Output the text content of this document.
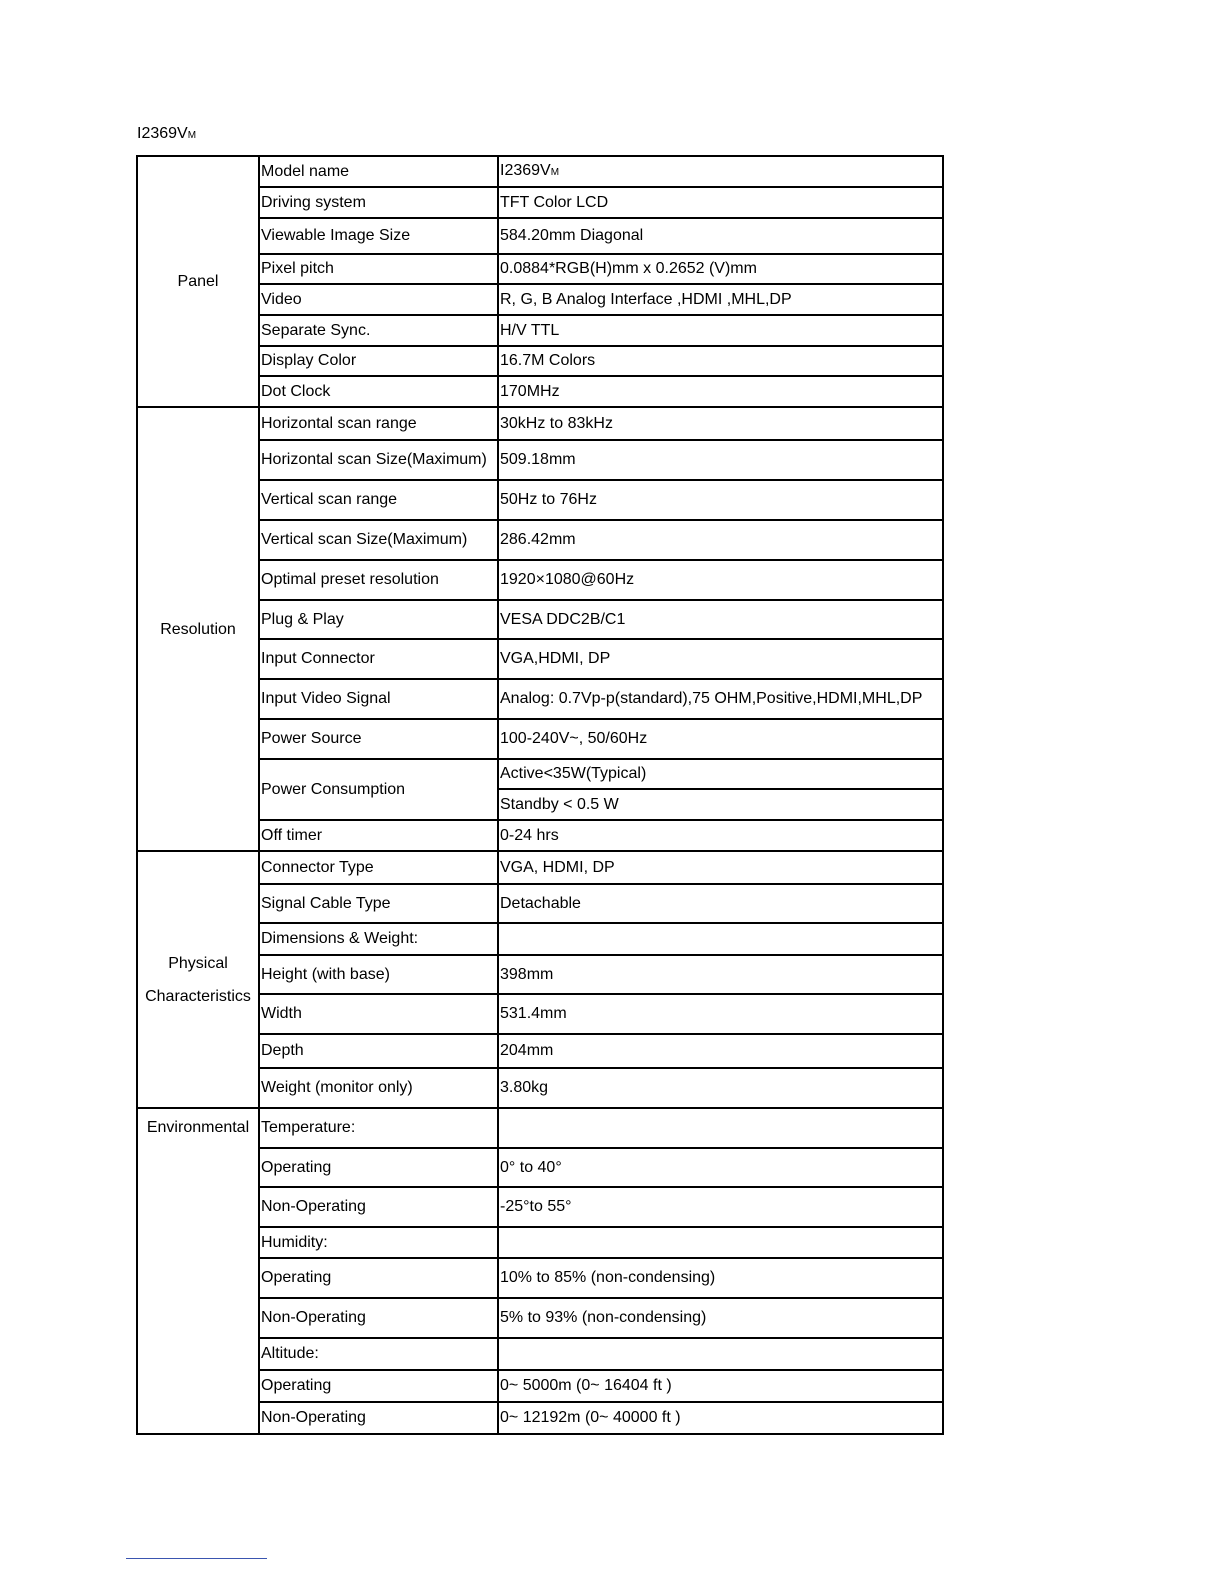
I2369VM
Panel	Model name	I2369VM
	Driving system	TFT Color LCD
	Viewable Image Size	584.20mm Diagonal
	Pixel pitch	0.0884*RGB(H)mm x 0.2652 (V)mm
	Video	R, G, B Analog Interface ,HDMI ,MHL,DP
	Separate Sync.	H/V TTL
	Display Color	16.7M Colors
	Dot Clock	170MHz
Resolution	Horizontal scan range	30kHz to 83kHz
	Horizontal scan Size(Maximum)	509.18mm
	Vertical scan range	50Hz to 76Hz
	Vertical scan Size(Maximum)	286.42mm
	Optimal preset resolution	1920×1080@60Hz
	Plug & Play	VESA DDC2B/C1
	Input Connector	VGA,HDMI, DP
	Input Video Signal	Analog: 0.7Vp-p(standard),75 OHM,Positive,HDMI,MHL,DP
	Power Source	100-240V~, 50/60Hz
	Power Consumption	Active<35W(Typical)
		Standby < 0.5 W
	Off timer	0-24 hrs
Physical
Characteristics	Connector Type	VGA, HDMI, DP
	Signal Cable Type	Detachable
	Dimensions & Weight:	
	Height (with base)	398mm
	Width	531.4mm
	Depth	204mm
	Weight (monitor only)	3.80kg
Environmental	Temperature:	
	Operating	0° to 40°
	Non-Operating	-25°to 55°
	Humidity:	
	Operating	10% to 85% (non-condensing)
	Non-Operating	5% to 93% (non-condensing)
	Altitude:	
	Operating	0~ 5000m (0~ 16404 ft )
	Non-Operating	0~ 12192m (0~ 40000 ft )
